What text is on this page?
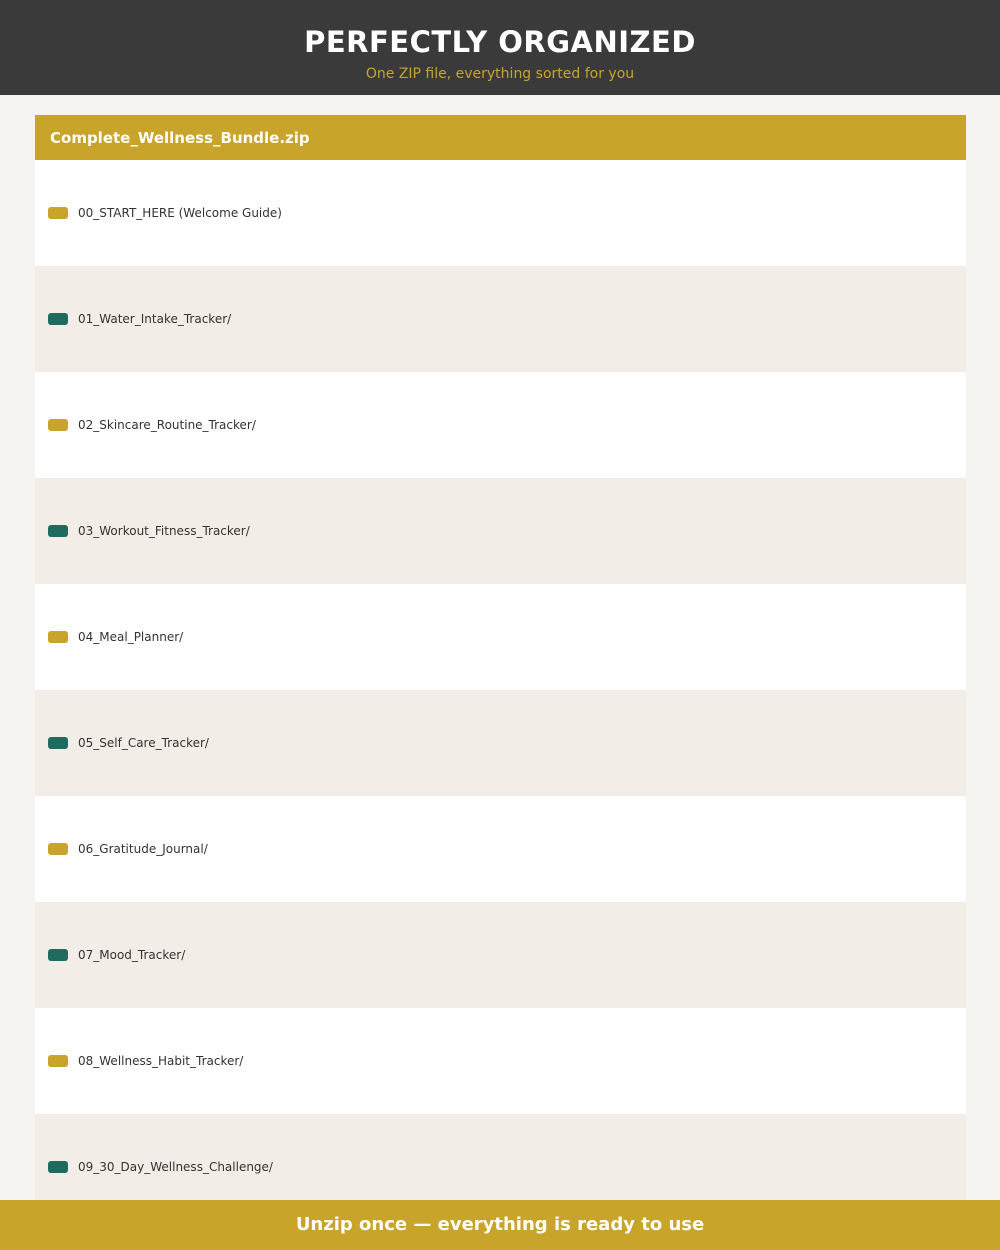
PERFECTLY ORGANIZED
One ZIP file, everything sorted for you
Complete_Wellness_Bundle.zip
00_START_HERE (Welcome Guide)
01_Water_Intake_Tracker/
02_Skincare_Routine_Tracker/
03_Workout_Fitness_Tracker/
04_Meal_Planner/
05_Self_Care_Tracker/
06_Gratitude_Journal/
07_Mood_Tracker/
08_Wellness_Habit_Tracker/
09_30_Day_Wellness_Challenge/
Unzip once — everything is ready to use
